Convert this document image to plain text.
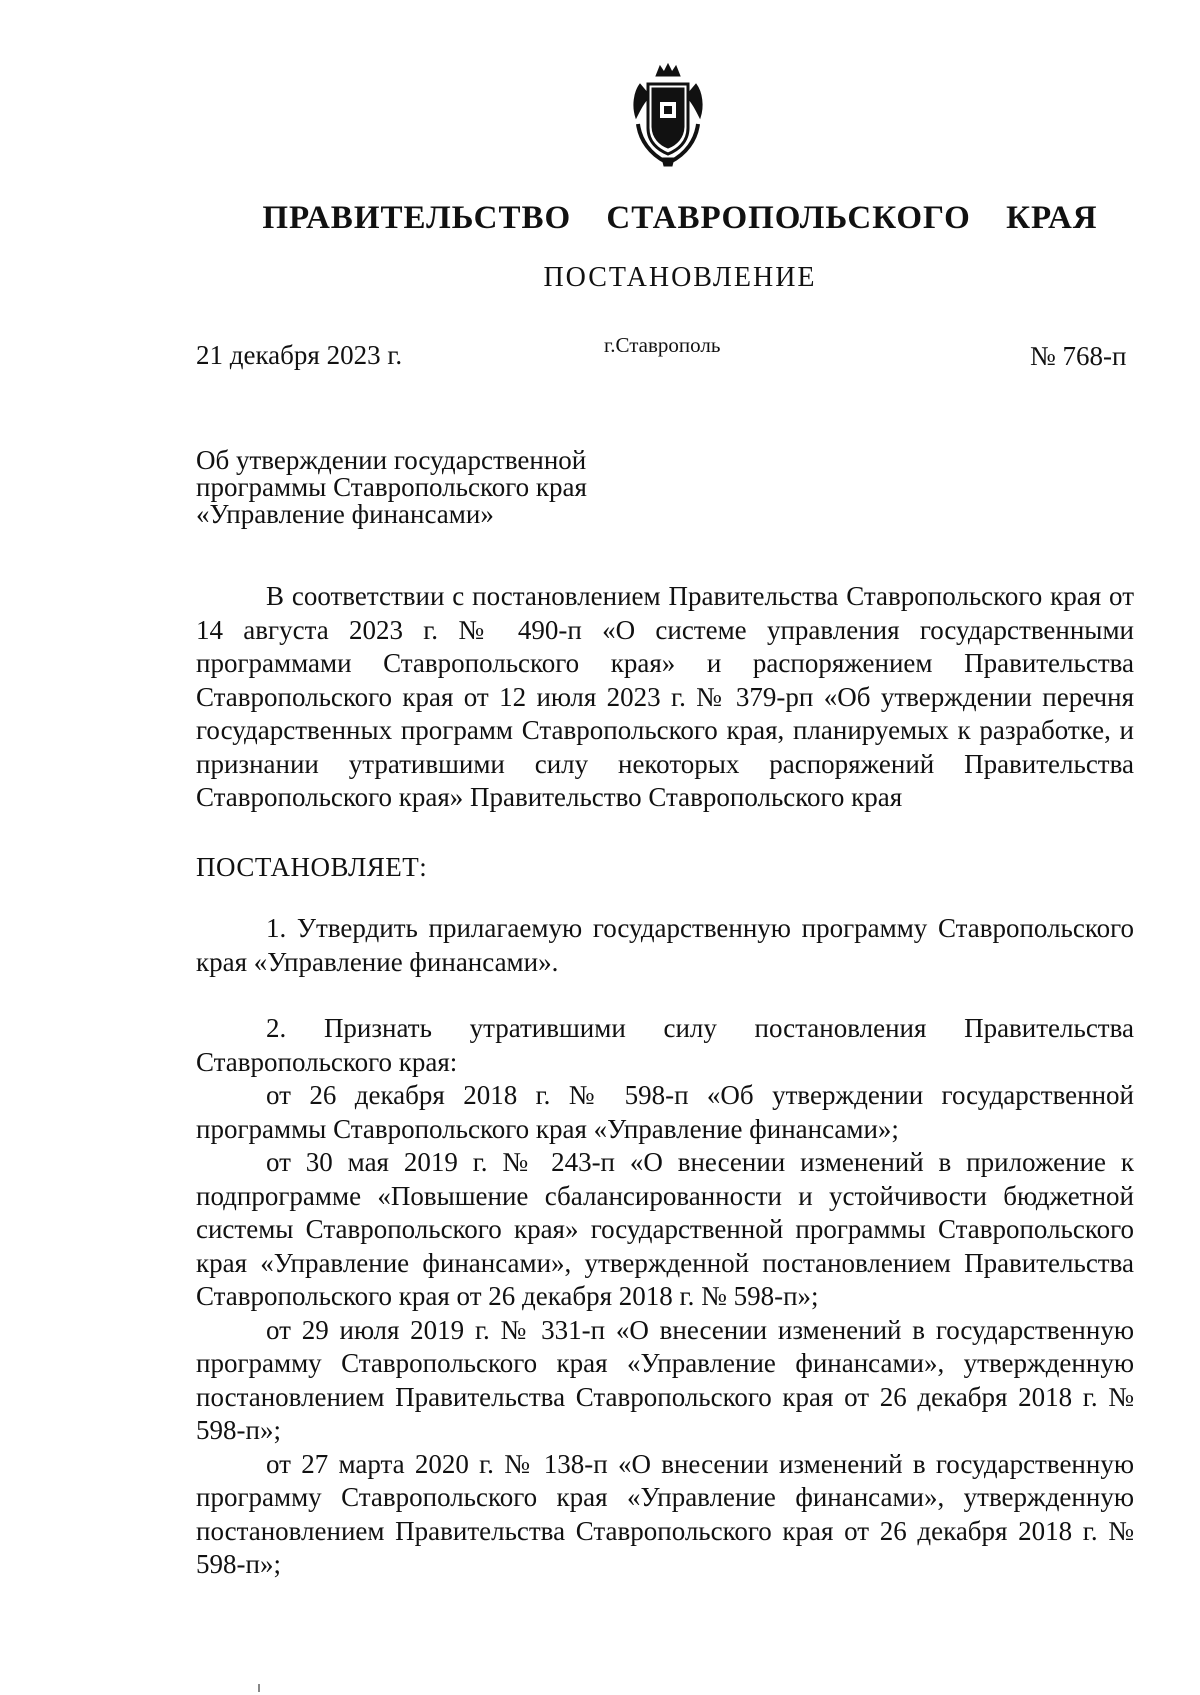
ПРАВИТЕЛЬСТВО СТАВРОПОЛЬСКОГО КРАЯ
ПОСТАНОВЛЕНИЕ
21 декабря 2023 г.	г.Ставрополь	№ 768-п
Об утверждении государственной
программы Ставропольского края
«Управление финансами»

В соответствии с постановлением Правительства Ставропольского края от 14 августа 2023 г. № 490-п «О системе управления государственными программами Ставропольского края» и распоряжением Правительства Ставропольского края от 12 июля 2023 г. № 379-рп «Об утверждении перечня государственных программ Ставропольского края, планируемых к разработке, и признании утратившими силу некоторых распоряжений Правительства Ставропольского края» Правительство Ставропольского края

ПОСТАНОВЛЯЕТ:

1. Утвердить прилагаемую государственную программу Ставропольского края «Управление финансами».

2. Признать утратившими силу постановления Правительства Ставропольского края:

от 26 декабря 2018 г. № 598-п «Об утверждении государственной программы Ставропольского края «Управление финансами»;

от 30 мая 2019 г. № 243-п «О внесении изменений в приложение к подпрограмме «Повышение сбалансированности и устойчивости бюджетной системы Ставропольского края» государственной программы Ставропольского края «Управление финансами», утвержденной постановлением Правительства Ставропольского края от 26 декабря 2018 г. № 598-п»;

от 29 июля 2019 г. № 331-п «О внесении изменений в государственную программу Ставропольского края «Управление финансами», утвержденную постановлением Правительства Ставропольского края от 26 декабря 2018 г. № 598-п»;

от 27 марта 2020 г. № 138-п «О внесении изменений в государственную программу Ставропольского края «Управление финансами», утвержденную постановлением Правительства Ставропольского края от 26 декабря 2018 г. № 598-п»;
